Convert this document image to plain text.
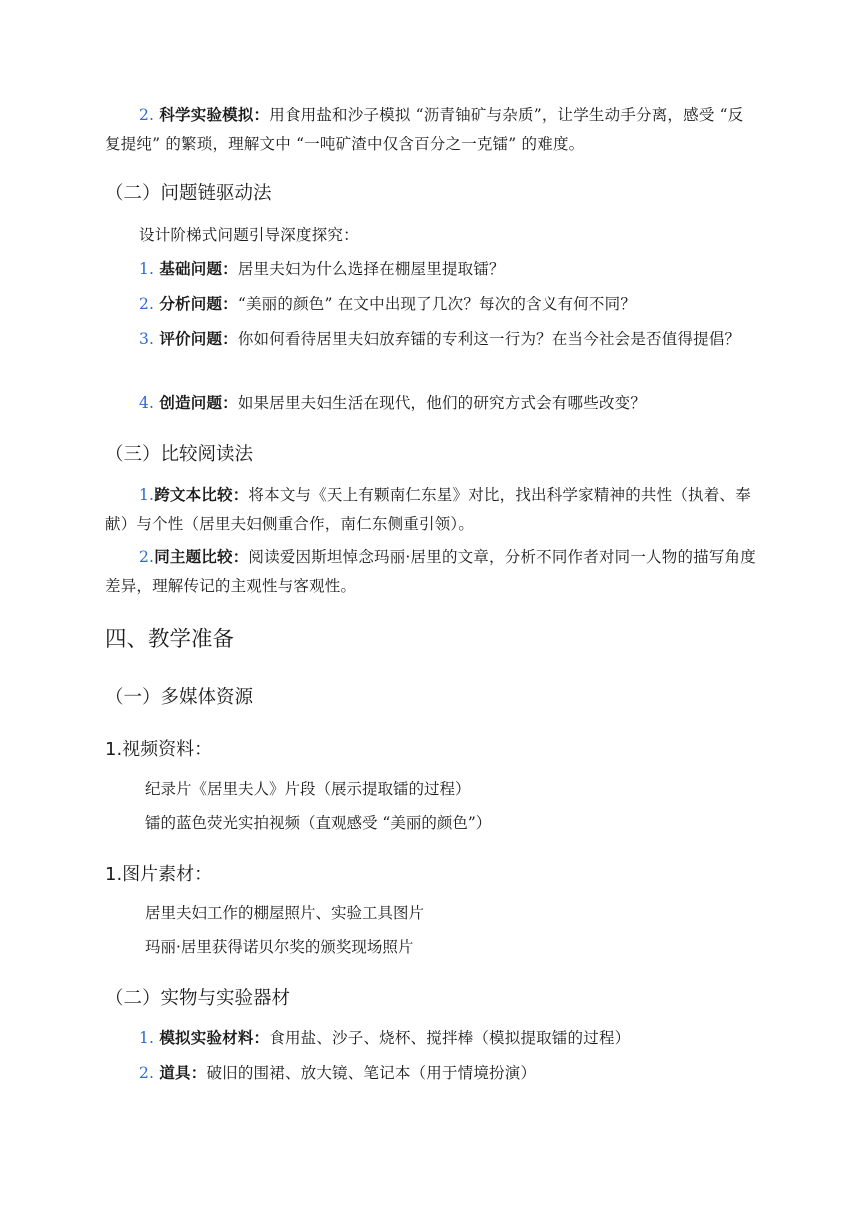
2. 科学实验模拟：用食用盐和沙子模拟 “沥青铀矿与杂质”，让学生动手分离，感受 “反复提纯” 的繁琐，理解文中 “一吨矿渣中仅含百分之一克镭” 的难度。
（二）问题链驱动法
设计阶梯式问题引导深度探究：
1. 基础问题：居里夫妇为什么选择在棚屋里提取镭？
2. 分析问题：“美丽的颜色” 在文中出现了几次？每次的含义有何不同？
3. 评价问题：你如何看待居里夫妇放弃镭的专利这一行为？在当今社会是否值得提倡？
4. 创造问题：如果居里夫妇生活在现代，他们的研究方式会有哪些改变？
（三）比较阅读法
1.跨文本比较：将本文与《天上有颗南仁东星》对比，找出科学家精神的共性（执着、奉献）与个性（居里夫妇侧重合作，南仁东侧重引领）。
2.同主题比较：阅读爱因斯坦悼念玛丽·居里的文章，分析不同作者对同一人物的描写角度差异，理解传记的主观性与客观性。
四、教学准备
（一）多媒体资源
1.视频资料：
纪录片《居里夫人》片段（展示提取镭的过程）
镭的蓝色荧光实拍视频（直观感受 “美丽的颜色”）
1.图片素材：
居里夫妇工作的棚屋照片、实验工具图片
玛丽·居里获得诺贝尔奖的颁奖现场照片
（二）实物与实验器材
1. 模拟实验材料：食用盐、沙子、烧杯、搅拌棒（模拟提取镭的过程）
2. 道具：破旧的围裙、放大镜、笔记本（用于情境扮演）
